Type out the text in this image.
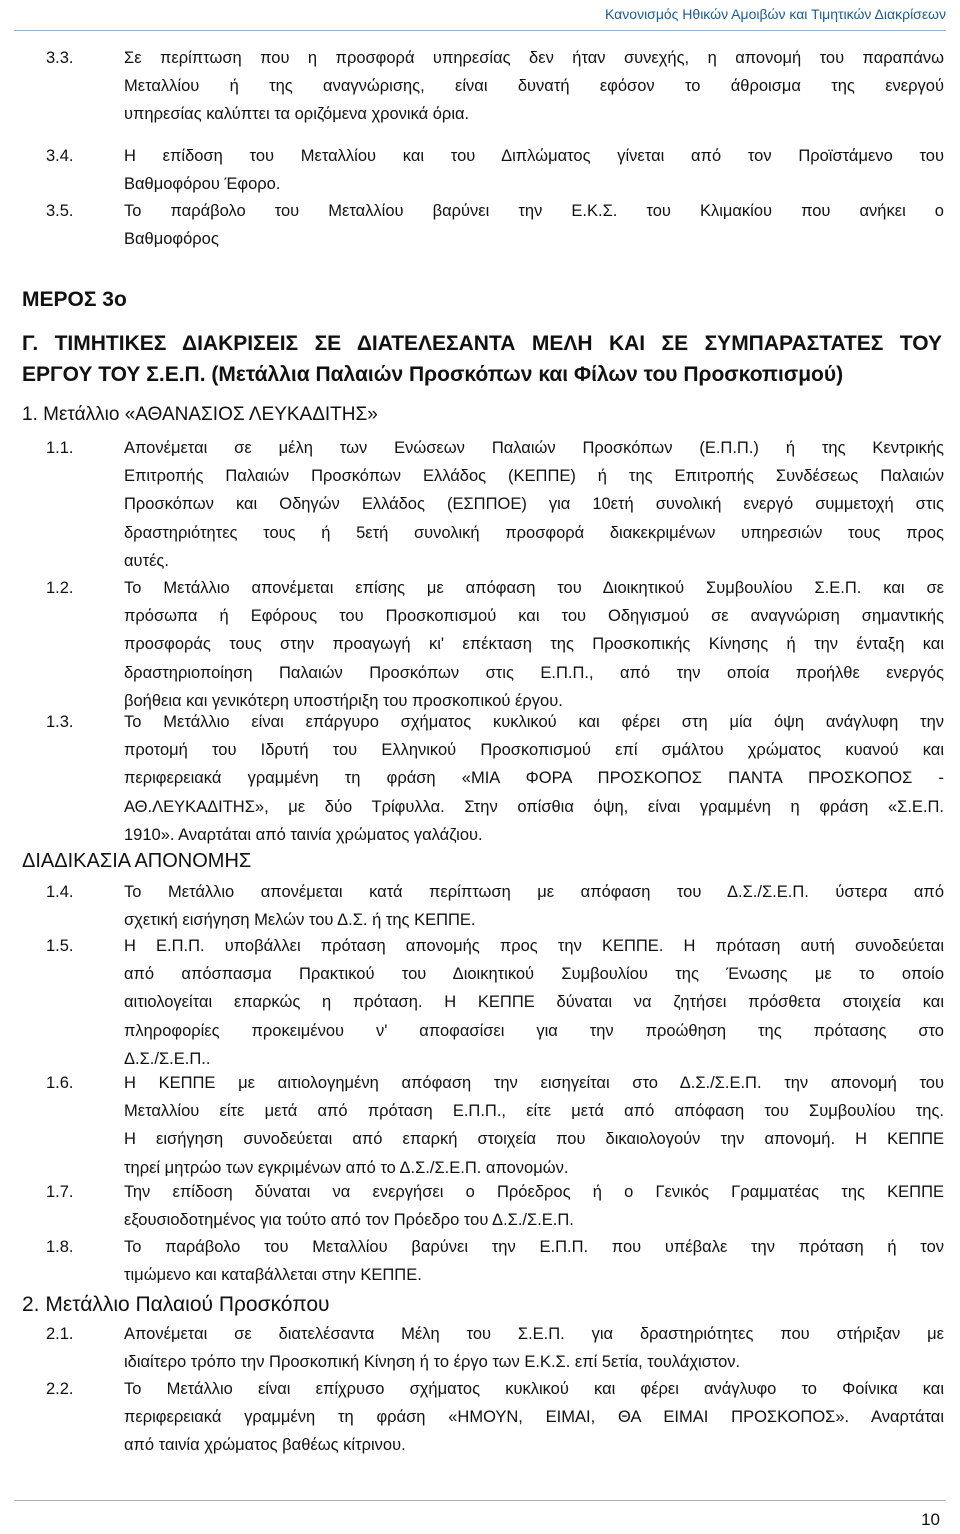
Κανονισμός Ηθικών Αμοιβών και Τιμητικών Διακρίσεων
3.3.	Σε περίπτωση που η προσφορά υπηρεσίας δεν ήταν συνεχής, η απονομή του παραπάνω
Μεταλλίου ή της αναγνώρισης, είναι δυνατή εφόσον το άθροισμα της ενεργού
υπηρεσίας καλύπτει τα οριζόμενα χρονικά όρια.
3.4.	Η επίδοση του Μεταλλίου και του Διπλώματος γίνεται από τον Προϊστάμενο του
Βαθμοφόρου Έφορο.
3.5.	Το παράβολο του Μεταλλίου βαρύνει την Ε.Κ.Σ. του Κλιμακίου που ανήκει ο
Βαθμοφόρος
ΜΕΡΟΣ 3ο
Γ. ΤΙΜΗΤΙΚΕΣ ΔΙΑΚΡΙΣΕΙΣ ΣΕ ΔΙΑΤΕΛΕΣΑΝΤΑ ΜΕΛΗ ΚΑΙ ΣΕ ΣΥΜΠΑΡΑΣΤΑΤΕΣ ΤΟΥ
ΕΡΓΟΥ ΤΟΥ Σ.Ε.Π. (Μετάλλια Παλαιών Προσκόπων και Φίλων του Προσκοπισμού)
1. Μετάλλιο «ΑΘΑΝΑΣΙΟΣ ΛΕΥΚΑΔΙΤΗΣ»
1.1.	Απονέμεται σε μέλη των Ενώσεων Παλαιών Προσκόπων (Ε.Π.Π.) ή της Κεντρικής
Επιτροπής Παλαιών Προσκόπων Ελλάδος (ΚΕΠΠΕ) ή της Επιτροπής Συνδέσεως Παλαιών
Προσκόπων και Οδηγών Ελλάδος (ΕΣΠΠΟΕ) για 10ετή συνολική ενεργό συμμετοχή στις
δραστηριότητες τους ή 5ετή συνολική προσφορά διακεκριμένων υπηρεσιών τους προς
αυτές.
1.2.	Το Μετάλλιο απονέμεται επίσης με απόφαση του Διοικητικού Συμβουλίου Σ.Ε.Π. και σε
πρόσωπα ή Εφόρους του Προσκοπισμού και του Οδηγισμού σε αναγνώριση σημαντικής
προσφοράς τους στην προαγωγή κι' επέκταση της Προσκοπικής Κίνησης ή την ένταξη και
δραστηριοποίηση Παλαιών Προσκόπων στις Ε.Π.Π., από την οποία προήλθε ενεργός
βοήθεια και γενικότερη υποστήριξη του προσκοπικού έργου.
1.3.	Το Μετάλλιο είναι επάργυρο σχήματος κυκλικού και φέρει στη μία όψη ανάγλυφη την
προτομή του Ιδρυτή του Ελληνικού Προσκοπισμού επί σμάλτου χρώματος κυανού και
περιφερειακά γραμμένη τη φράση «ΜΙΑ ΦΟΡΑ ΠΡΟΣΚΟΠΟΣ ΠΑΝΤΑ ΠΡΟΣΚΟΠΟΣ -
ΑΘ.ΛΕΥΚΑΔΙΤΗΣ», με δύο Τρίφυλλα. Στην οπίσθια όψη, είναι γραμμένη η φράση «Σ.Ε.Π.
1910». Αναρτάται από ταινία χρώματος γαλάζιου.
ΔΙΑΔΙΚΑΣΙΑ ΑΠΟΝΟΜΗΣ
1.4.	Το Μετάλλιο απονέμεται κατά περίπτωση με απόφαση του Δ.Σ./Σ.Ε.Π. ύστερα από
σχετική εισήγηση Μελών του Δ.Σ. ή της ΚΕΠΠΕ.
1.5.	Η Ε.Π.Π. υποβάλλει πρόταση απονομής προς την ΚΕΠΠΕ. Η πρόταση αυτή συνοδεύεται
από απόσπασμα Πρακτικού του Διοικητικού Συμβουλίου της Ένωσης με το οποίο
αιτιολογείται επαρκώς η πρόταση. Η ΚΕΠΠΕ δύναται να ζητήσει πρόσθετα στοιχεία και
πληροφορίες προκειμένου ν' αποφασίσει για την προώθηση της πρότασης στο
Δ.Σ./Σ.Ε.Π..
1.6.	Η ΚΕΠΠΕ με αιτιολογημένη απόφαση την εισηγείται στο Δ.Σ./Σ.Ε.Π. την απονομή του
Μεταλλίου είτε μετά από πρόταση Ε.Π.Π., είτε μετά από απόφαση του Συμβουλίου της.
Η εισήγηση συνοδεύεται από επαρκή στοιχεία που δικαιολογούν την απονομή. Η ΚΕΠΠΕ
τηρεί μητρώο των εγκριμένων από το Δ.Σ./Σ.Ε.Π. απονομών.
1.7.	Την επίδοση δύναται να ενεργήσει ο Πρόεδρος ή ο Γενικός Γραμματέας της ΚΕΠΠΕ
εξουσιοδοτημένος για τούτο από τον Πρόεδρο του Δ.Σ./Σ.Ε.Π.
1.8.	Το παράβολο του Μεταλλίου βαρύνει την Ε.Π.Π. που υπέβαλε την πρόταση ή τον
τιμώμενο και καταβάλλεται στην ΚΕΠΠΕ.
2. Μετάλλιο Παλαιού Προσκόπου
2.1.	Απονέμεται σε διατελέσαντα Μέλη του Σ.Ε.Π. για δραστηριότητες που στήριξαν με
ιδιαίτερο τρόπο την Προσκοπική Κίνηση ή το έργο των Ε.Κ.Σ. επί 5ετία, τουλάχιστον.
2.2.	Το Μετάλλιο είναι επίχρυσο σχήματος κυκλικού και φέρει ανάγλυφο το Φοίνικα και
περιφερειακά γραμμένη τη φράση «ΗΜΟΥΝ, ΕΙΜΑΙ, ΘΑ ΕΙΜΑΙ ΠΡΟΣΚΟΠΟΣ». Αναρτάται
από ταινία χρώματος βαθέως κίτρινου.
10
